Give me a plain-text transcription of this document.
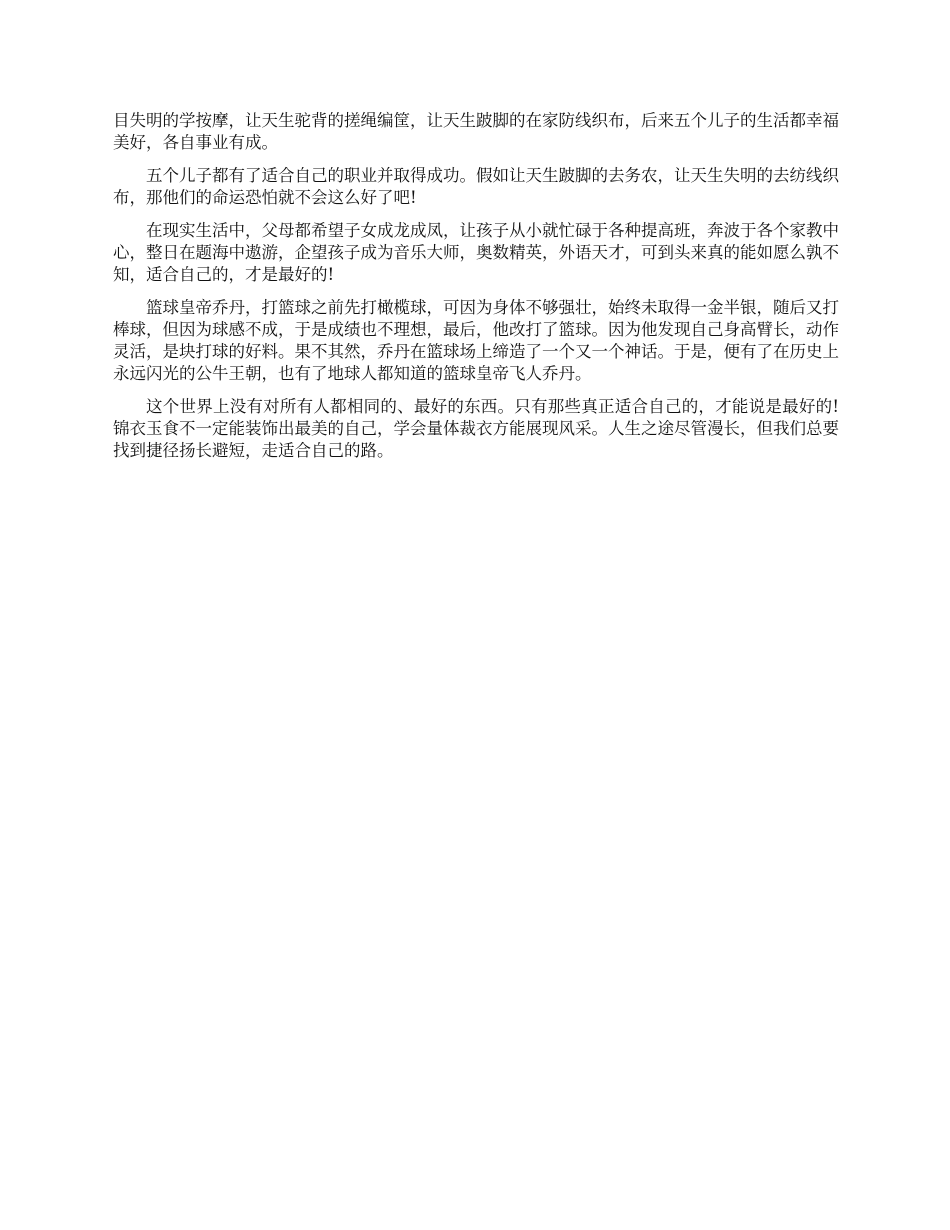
目失明的学按摩，让天生驼背的搓绳编筐，让天生跛脚的在家防线织布，后来五个儿子的生活都幸福美好，各自事业有成。

五个儿子都有了适合自己的职业并取得成功。假如让天生跛脚的去务农，让天生失明的去纺线织布，那他们的命运恐怕就不会这么好了吧!

在现实生活中，父母都希望子女成龙成凤，让孩子从小就忙碌于各种提高班，奔波于各个家教中心，整日在题海中遨游，企望孩子成为音乐大师，奥数精英，外语天才，可到头来真的能如愿么孰不知，适合自己的，才是最好的!

篮球皇帝乔丹，打篮球之前先打橄榄球，可因为身体不够强壮，始终未取得一金半银，随后又打棒球，但因为球感不成，于是成绩也不理想，最后，他改打了篮球。因为他发现自己身高臂长，动作灵活，是块打球的好料。果不其然，乔丹在篮球场上缔造了一个又一个神话。于是，便有了在历史上永远闪光的公牛王朝，也有了地球人都知道的篮球皇帝飞人乔丹。

这个世界上没有对所有人都相同的、最好的东西。只有那些真正适合自己的，才能说是最好的! 锦衣玉食不一定能装饰出最美的自己，学会量体裁衣方能展现风采。人生之途尽管漫长，但我们总要找到捷径扬长避短，走适合自己的路。
